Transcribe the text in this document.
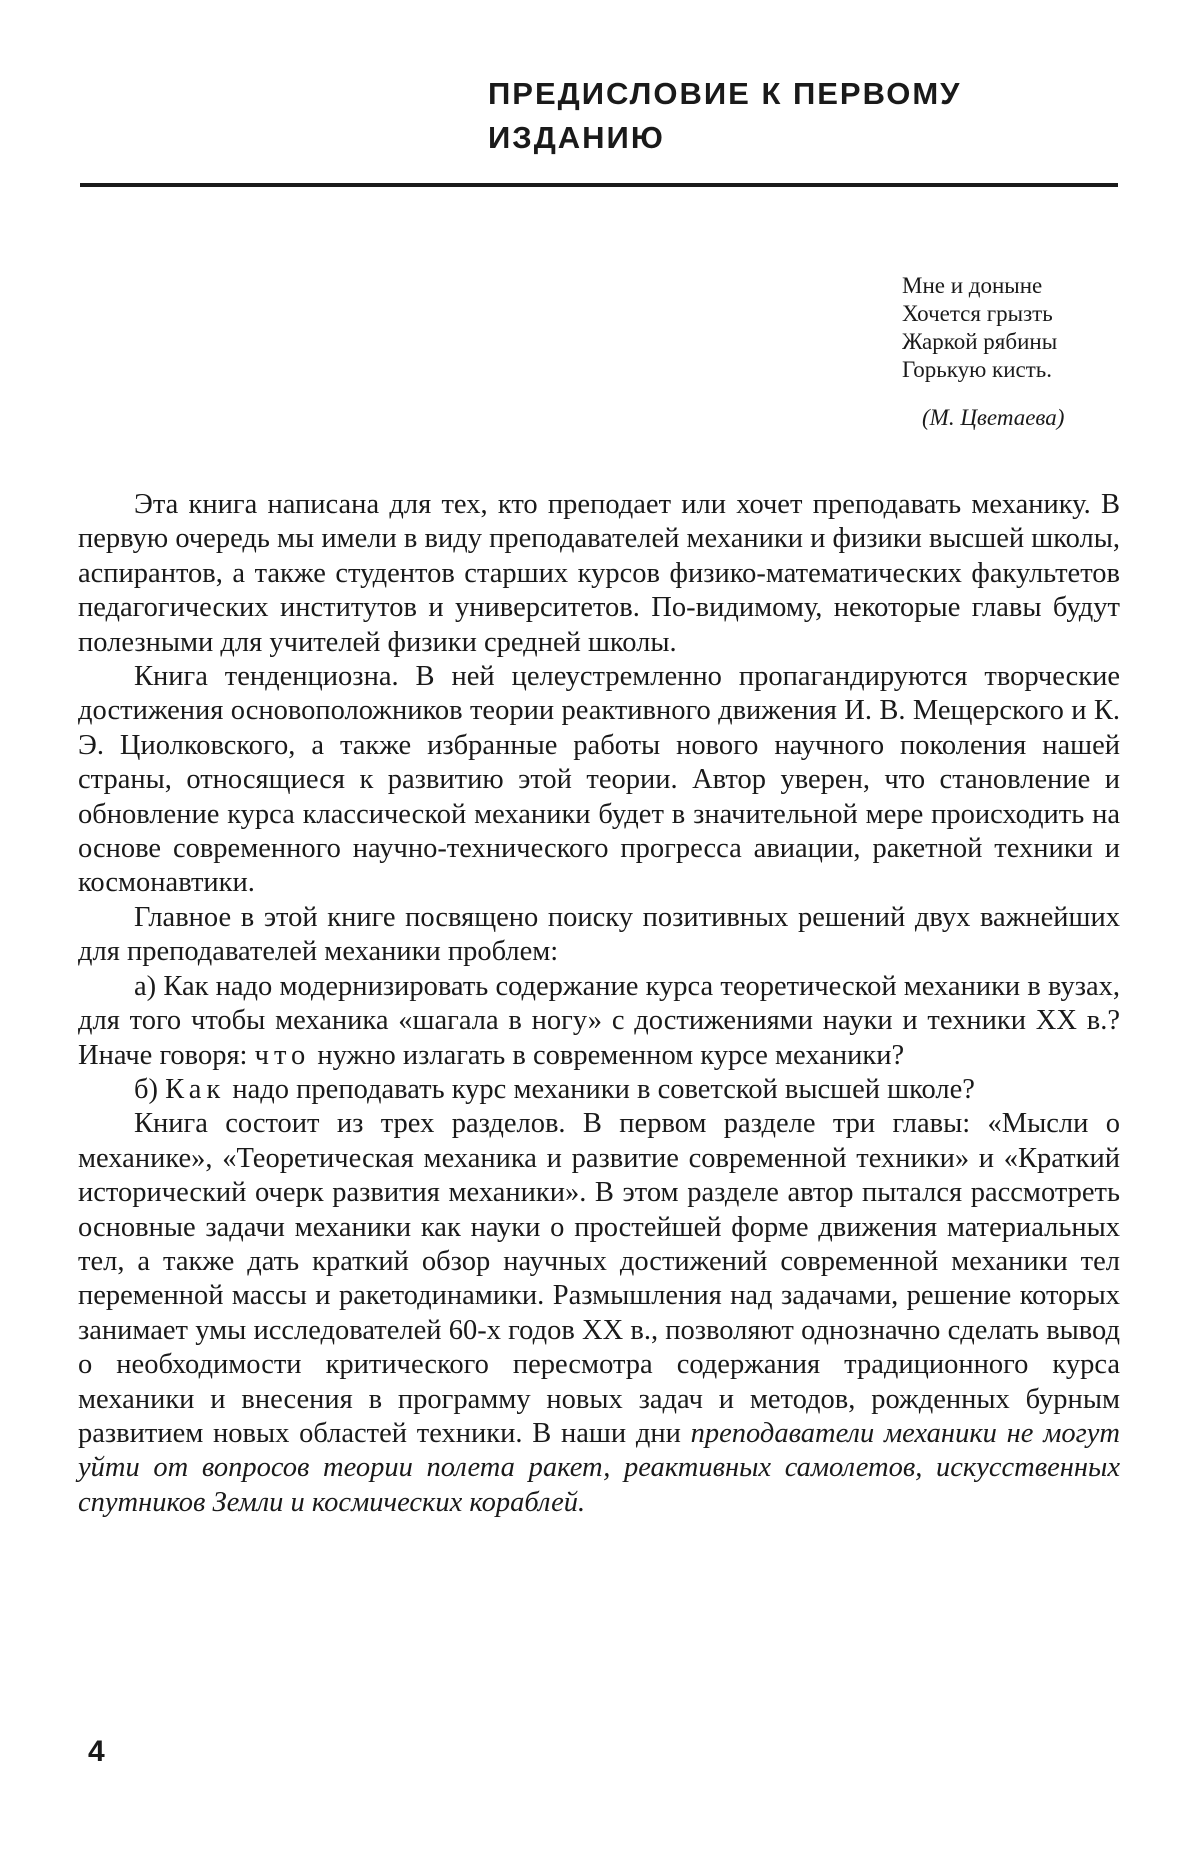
ПРЕДИСЛОВИЕ К ПЕРВОМУ
ИЗДАНИЮ
Мне и доныне
Хочется грызть
Жаркой рябины
Горькую кисть.
(М. Цветаева)

Эта книга написана для тех, кто преподает или хочет преподавать механику. В первую очередь мы имели в виду преподавателей механики и физики высшей школы, аспирантов, а также студентов старших курсов физико-математических факультетов педагогических институтов и университетов. По-видимому, некоторые главы будут полезными для учителей физики средней школы.

Книга тенденциозна. В ней целеустремленно пропагандируются творческие достижения основоположников теории реактивного движения И. В. Мещерского и К. Э. Циолковского, а также избранные работы нового научного поколения нашей страны, относящиеся к развитию этой теории. Автор уверен, что становление и обновление курса классической механики будет в значительной мере происходить на основе современного научно-технического прогресса авиации, ракетной техники и космонавтики.

Главное в этой книге посвящено поиску позитивных решений двух важнейших для преподавателей механики проблем:

а) Как надо модернизировать содержание курса теоретической механики в вузах, для того чтобы механика «шагала в ногу» с достижениями науки и техники XX в.? Иначе говоря: что нужно излагать в современном курсе механики?

б) Как надо преподавать курс механики в советской высшей школе?

Книга состоит из трех разделов. В первом разделе три главы: «Мысли о механике», «Теоретическая механика и развитие современной техники» и «Краткий исторический очерк развития механики». В этом разделе автор пытался рассмотреть основные задачи механики как науки о простейшей форме движения материальных тел, а также дать краткий обзор научных достижений современной механики тел переменной массы и ракетодинамики. Размышления над задачами, решение которых занимает умы исследователей 60-х годов XX в., позволяют однозначно сделать вывод о необходимости критического пересмотра содержания традиционного курса механики и внесения в программу новых задач и методов, рожденных бурным развитием новых областей техники. В наши дни преподаватели механики не могут уйти от вопросов теории полета ракет, реактивных самолетов, искусственных спутников Земли и космических кораблей.

4
